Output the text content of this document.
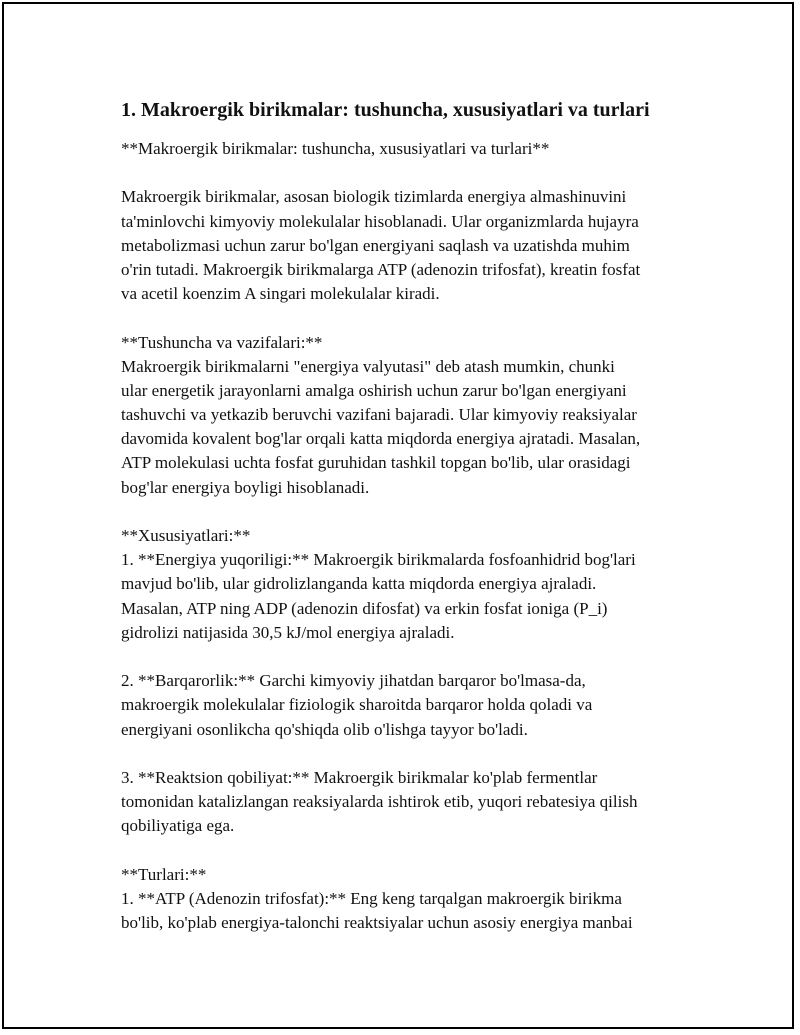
1. Makroergik birikmalar: tushuncha, xususiyatlari va turlari
**Makroergik birikmalar: tushuncha, xususiyatlari va turlari**
Makroergik birikmalar, asosan biologik tizimlarda energiya almashinuvini
ta'minlovchi kimyoviy molekulalar hisoblanadi. Ular organizmlarda hujayra
metabolizmasi uchun zarur bo'lgan energiyani saqlash va uzatishda muhim
o'rin tutadi. Makroergik birikmalarga ATP (adenozin trifosfat), kreatin fosfat
va acetil koenzim A singari molekulalar kiradi.
**Tushuncha va vazifalari:**
Makroergik birikmalarni "energiya valyutasi" deb atash mumkin, chunki
ular energetik jarayonlarni amalga oshirish uchun zarur bo'lgan energiyani
tashuvchi va yetkazib beruvchi vazifani bajaradi. Ular kimyoviy reaksiyalar
davomida kovalent bog'lar orqali katta miqdorda energiya ajratadi. Masalan,
ATP molekulasi uchta fosfat guruhidan tashkil topgan bo'lib, ular orasidagi
bog'lar energiya boyligi hisoblanadi.
**Xususiyatlari:**
1. **Energiya yuqoriligi:** Makroergik birikmalarda fosfoanhidrid bog'lari
mavjud bo'lib, ular gidrolizlanganda katta miqdorda energiya ajraladi.
Masalan, ATP ning ADP (adenozin difosfat) va erkin fosfat ioniga (P_i)
gidrolizi natijasida 30,5 kJ/mol energiya ajraladi.
2. **Barqarorlik:** Garchi kimyoviy jihatdan barqaror bo'lmasa-da,
makroergik molekulalar fiziologik sharoitda barqaror holda qoladi va
energiyani osonlikcha qo'shiqda olib o'lishga tayyor bo'ladi.
3. **Reaktsion qobiliyat:** Makroergik birikmalar ko'plab fermentlar
tomonidan katalizlangan reaksiyalarda ishtirok etib, yuqori rebatesiya qilish
qobiliyatiga ega.
**Turlari:**
1. **ATP (Adenozin trifosfat):** Eng keng tarqalgan makroergik birikma
bo'lib, ko'plab energiya-talonchi reaktsiyalar uchun asosiy energiya manbai
